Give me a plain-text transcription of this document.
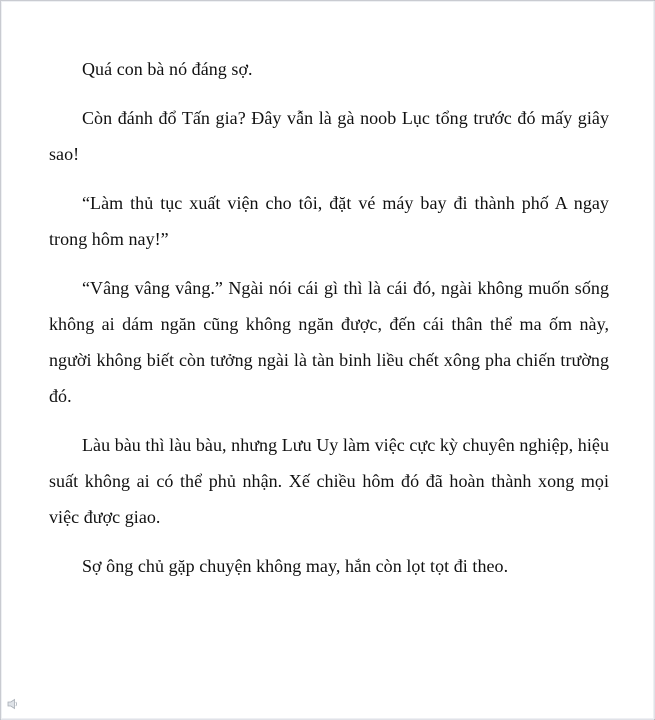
Quá con bà nó đáng sợ.

Còn đánh đổ Tấn gia? Đây vẫn là gà noob Lục tổng trước đó mấy giây sao!

“Làm thủ tục xuất viện cho tôi, đặt vé máy bay đi thành phố A ngay trong hôm nay!”

“Vâng vâng vâng.” Ngài nói cái gì thì là cái đó, ngài không muốn sống không ai dám ngăn cũng không ngăn được, đến cái thân thể ma ốm này, người không biết còn tưởng ngài là tàn binh liều chết xông pha chiến trường đó.

Làu bàu thì làu bàu, nhưng Lưu Uy làm việc cực kỳ chuyên nghiệp, hiệu suất không ai có thể phủ nhận. Xế chiều hôm đó đã hoàn thành xong mọi việc được giao.

Sợ ông chủ gặp chuyện không may, hắn còn lọt tọt đi theo.
